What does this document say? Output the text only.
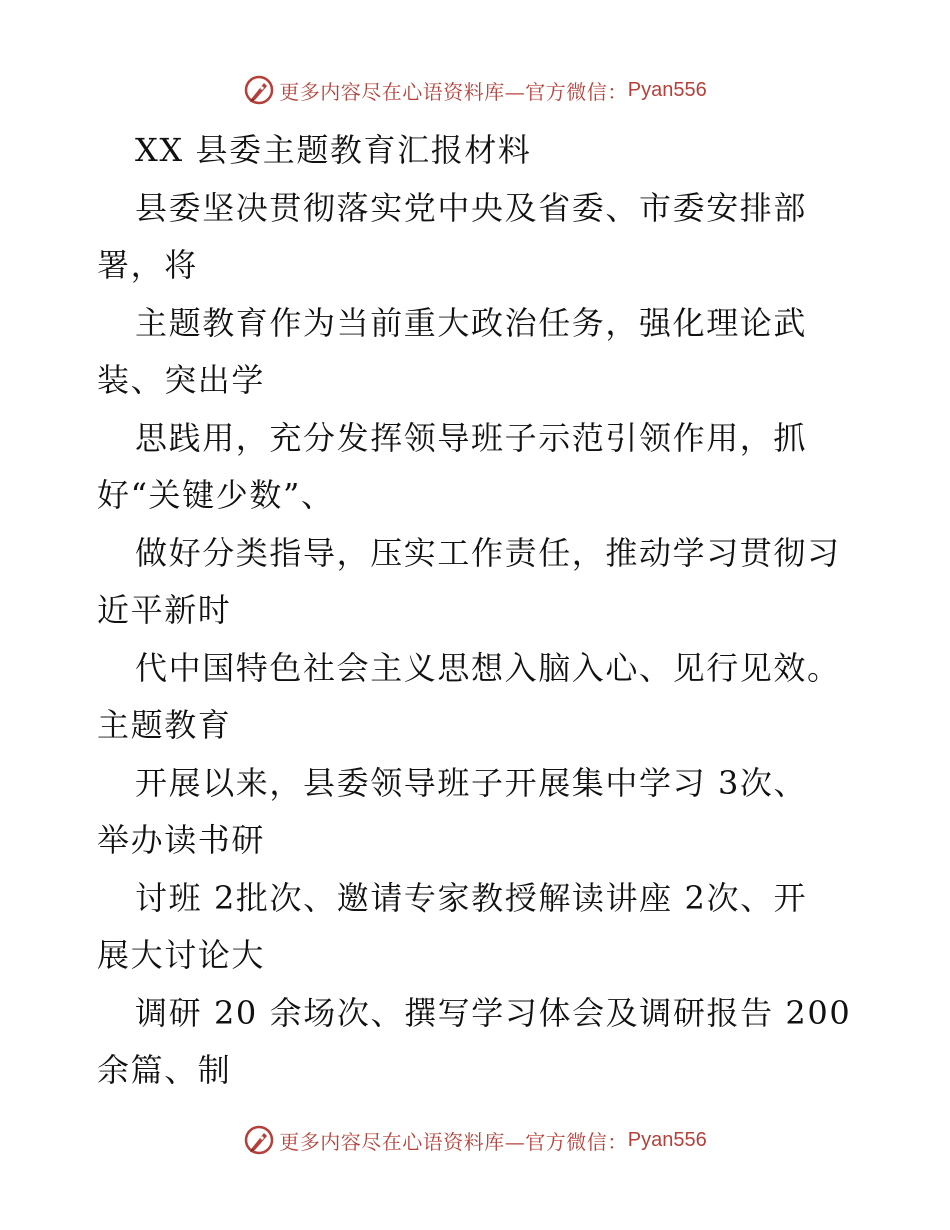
更多内容尽在心语资料库—官方微信： Pyan556
XX 县委主题教育汇报材料
县委坚决贯彻落实党中央及省委、市委安排部
署，将
主题教育作为当前重大政治任务，强化理论武
装、突出学
思践用，充分发挥领导班子示范引领作用，抓
好“关键少数”、
做好分类指导，压实工作责任，推动学习贯彻习
近平新时
代中国特色社会主义思想入脑入心、见行见效。
主题教育
开展以来，县委领导班子开展集中学习 3次、
举办读书研
讨班 2批次、邀请专家教授解读讲座 2次、开
展大讨论大
调研 20 余场次、撰写学习体会及调研报告 200
余篇、制
更多内容尽在心语资料库—官方微信： Pyan556
